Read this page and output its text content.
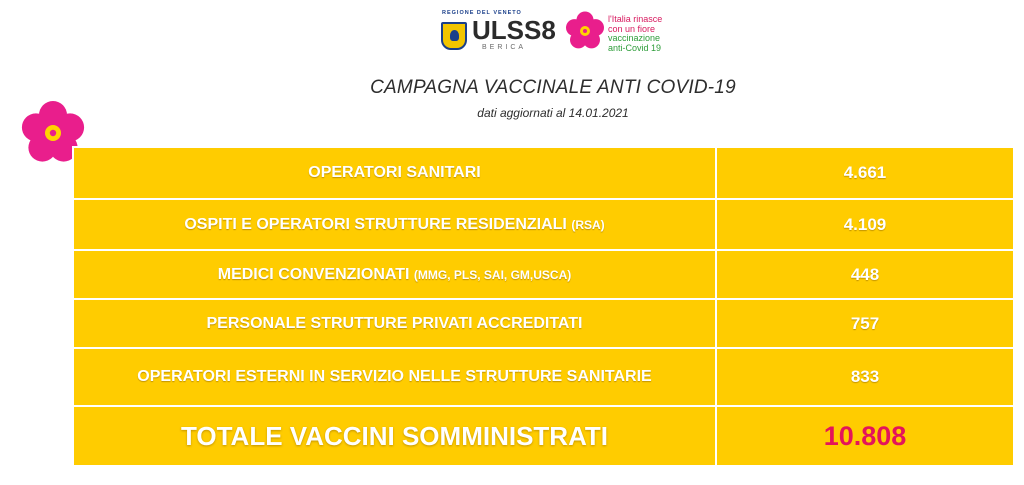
REGIONE DEL VENETO
ULSS8
BERICA
l'Italia rinasce
con un fiore
vaccinazione
anti-Covid 19
CAMPAGNA VACCINALE ANTI COVID-19
dati aggiornati al 14.01.2021
OPERATORI SANITARI	4.661
OSPITI E OPERATORI STRUTTURE RESIDENZIALI (RSA)	4.109
MEDICI CONVENZIONATI (MMG, PLS, SAI, GM,USCA)	448
PERSONALE STRUTTURE PRIVATI ACCREDITATI	757
OPERATORI ESTERNI IN SERVIZIO NELLE STRUTTURE SANITARIE	833
TOTALE VACCINI SOMMINISTRATI	10.808
